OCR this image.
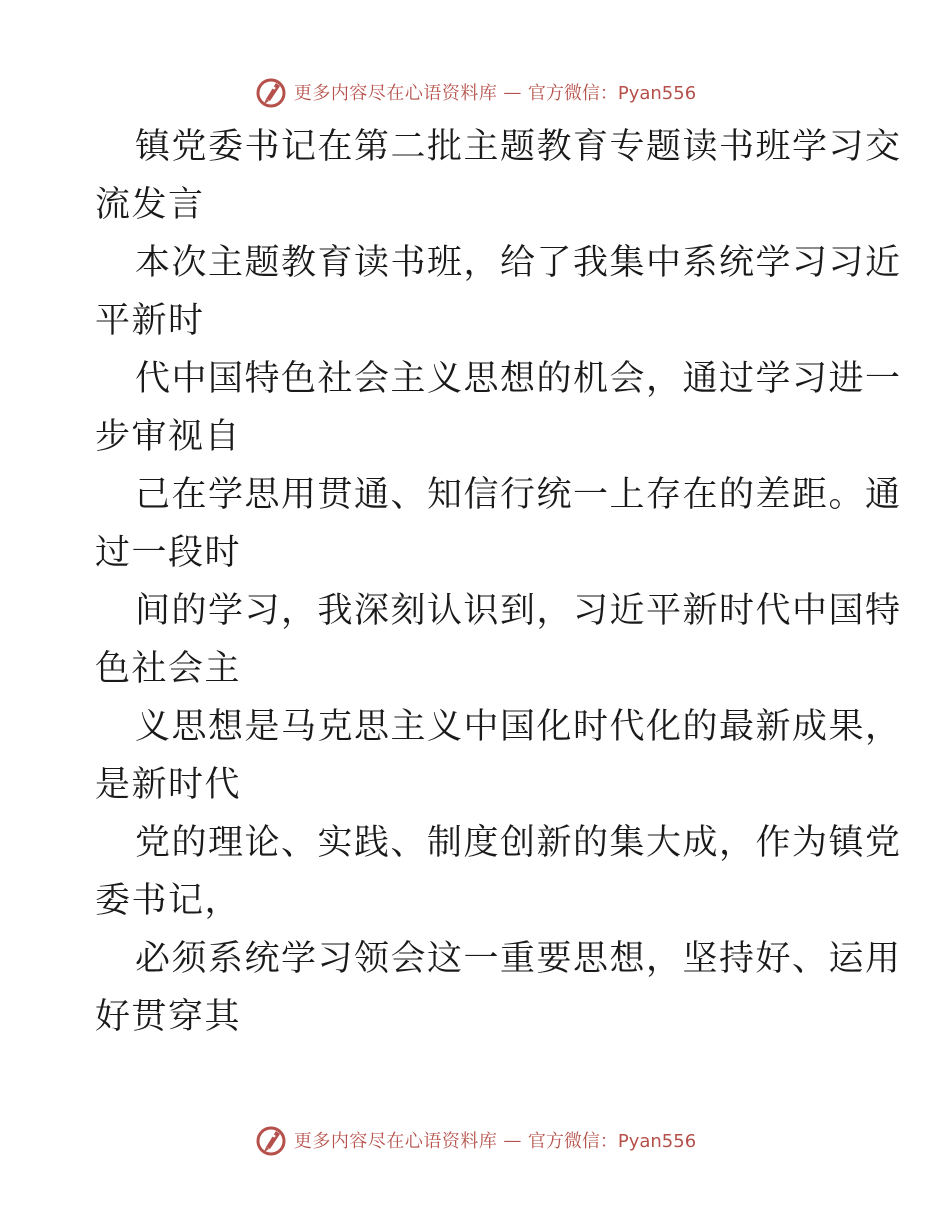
更多内容尽在心语资料库 — 官方微信：Pyan556
镇党委书记在第二批主题教育专题读书班学习交
流发言
本次主题教育读书班，给了我集中系统学习习近
平新时
代中国特色社会主义思想的机会，通过学习进一
步审视自
己在学思用贯通、知信行统一上存在的差距。通
过一段时
间的学习，我深刻认识到，习近平新时代中国特
色社会主
义思想是马克思主义中国化时代化的最新成果，
是新时代
党的理论、实践、制度创新的集大成，作为镇党
委书记，
必须系统学习领会这一重要思想，坚持好、运用
好贯穿其
更多内容尽在心语资料库 — 官方微信：Pyan556
